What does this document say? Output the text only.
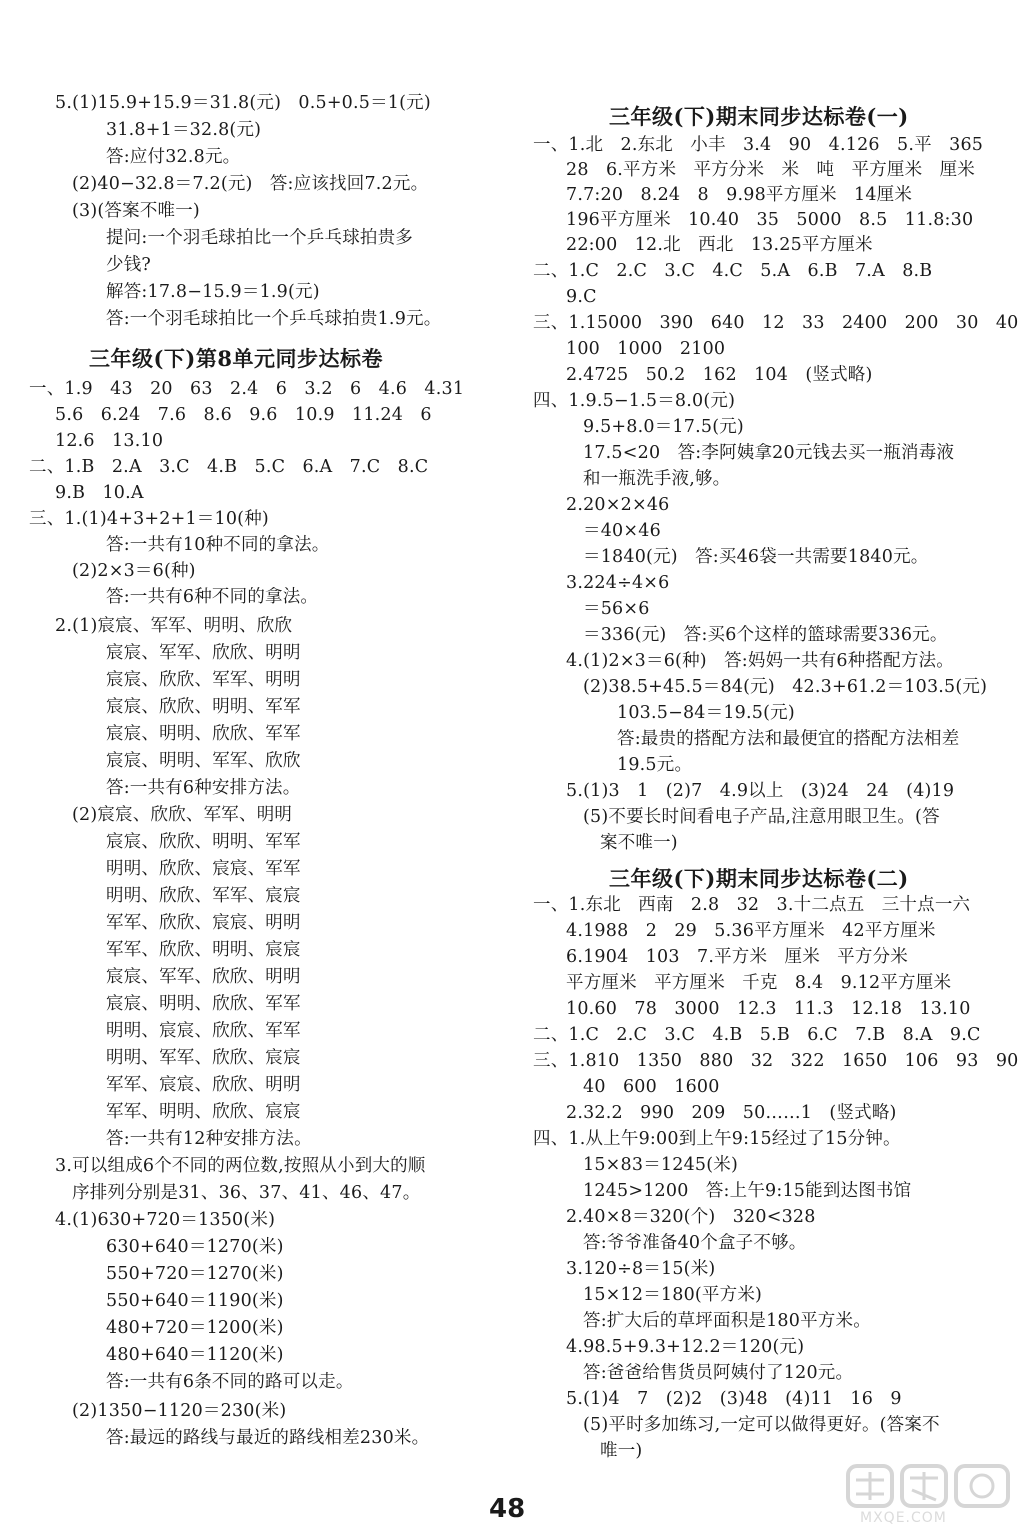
5.(1)15.9+15.9＝31.8(元)   0.5+0.5＝1(元)
31.8+1＝32.8(元)
答:应付32.8元。
(2)40−32.8＝7.2(元)   答:应该找回7.2元。
(3)(答案不唯一)
提问:一个羽毛球拍比一个乒乓球拍贵多
少钱?
解答:17.8−15.9＝1.9(元)
答:一个羽毛球拍比一个乒乓球拍贵1.9元。
三年级(下)第8单元同步达标卷
一、1.9   43   20   63   2.4   6   3.2   6   4.6   4.31
5.6   6.24   7.6   8.6   9.6   10.9   11.24   6
12.6   13.10
二、1.B   2.A   3.C   4.B   5.C   6.A   7.C   8.C
9.B   10.A
三、1.(1)4+3+2+1＝10(种)
答:一共有10种不同的拿法。
(2)2×3＝6(种)
答:一共有6种不同的拿法。
2.(1)宸宸、军军、明明、欣欣
宸宸、军军、欣欣、明明
宸宸、欣欣、军军、明明
宸宸、欣欣、明明、军军
宸宸、明明、欣欣、军军
宸宸、明明、军军、欣欣
答:一共有6种安排方法。
(2)宸宸、欣欣、军军、明明
宸宸、欣欣、明明、军军
明明、欣欣、宸宸、军军
明明、欣欣、军军、宸宸
军军、欣欣、宸宸、明明
军军、欣欣、明明、宸宸
宸宸、军军、欣欣、明明
宸宸、明明、欣欣、军军
明明、宸宸、欣欣、军军
明明、军军、欣欣、宸宸
军军、宸宸、欣欣、明明
军军、明明、欣欣、宸宸
答:一共有12种安排方法。
3.可以组成6个不同的两位数,按照从小到大的顺
序排列分别是31、36、37、41、46、47。
4.(1)630+720＝1350(米)
630+640＝1270(米)
550+720＝1270(米)
550+640＝1190(米)
480+720＝1200(米)
480+640＝1120(米)
答:一共有6条不同的路可以走。
(2)1350−1120＝230(米)
答:最远的路线与最近的路线相差230米。
三年级(下)期末同步达标卷(一)
一、1.北   2.东北   小丰   3.4   90   4.126   5.平   365
28   6.平方米   平方分米   米   吨   平方厘米   厘米
7.7:20   8.24   8   9.98平方厘米   14厘米
196平方厘米   10.40   35   5000   8.5   11.8:30
22:00   12.北   西北   13.25平方厘米
二、1.C   2.C   3.C   4.C   5.A   6.B   7.A   8.B
9.C
三、1.15000   390   640   12   33   2400   200   30   40
100   1000   2100
2.4725   50.2   162   104   (竖式略)
四、1.9.5−1.5＝8.0(元)
9.5+8.0＝17.5(元)
17.5<20   答:李阿姨拿20元钱去买一瓶消毒液
和一瓶洗手液,够。
2.20×2×46
＝40×46
＝1840(元)   答:买46袋一共需要1840元。
3.224÷4×6
＝56×6
＝336(元)   答:买6个这样的篮球需要336元。
4.(1)2×3＝6(种)   答:妈妈一共有6种搭配方法。
(2)38.5+45.5＝84(元)   42.3+61.2＝103.5(元)
103.5−84＝19.5(元)
答:最贵的搭配方法和最便宜的搭配方法相差
19.5元。
5.(1)3   1   (2)7   4.9以上   (3)24   24   (4)19
(5)不要长时间看电子产品,注意用眼卫生。(答
案不唯一)
三年级(下)期末同步达标卷(二)
一、1.东北   西南   2.8   32   3.十二点五   三十点一六
4.1988   2   29   5.36平方厘米   42平方厘米
6.1904   103   7.平方米   厘米   平方分米
平方厘米   平方厘米   千克   8.4   9.12平方厘米
10.60   78   3000   12.3   11.3   12.18   13.10
二、1.C   2.C   3.C   4.B   5.B   6.C   7.B   8.A   9.C
三、1.810   1350   880   32   322   1650   106   93   90
40   600   1600
2.32.2   990   209   50……1   (竖式略)
四、1.从上午9:00到上午9:15经过了15分钟。
15×83＝1245(米)
1245>1200   答:上午9:15能到达图书馆
2.40×8＝320(个)   320<328
答:爷爷准备40个盒子不够。
3.120÷8＝15(米)
15×12＝180(平方米)
答:扩大后的草坪面积是180平方米。
4.98.5+9.3+12.2＝120(元)
答:爸爸给售货员阿姨付了120元。
5.(1)4   7   (2)2   (3)48   (4)11   16   9
(5)平时多加练习,一定可以做得更好。(答案不
唯一)
48	MXQE.COM
